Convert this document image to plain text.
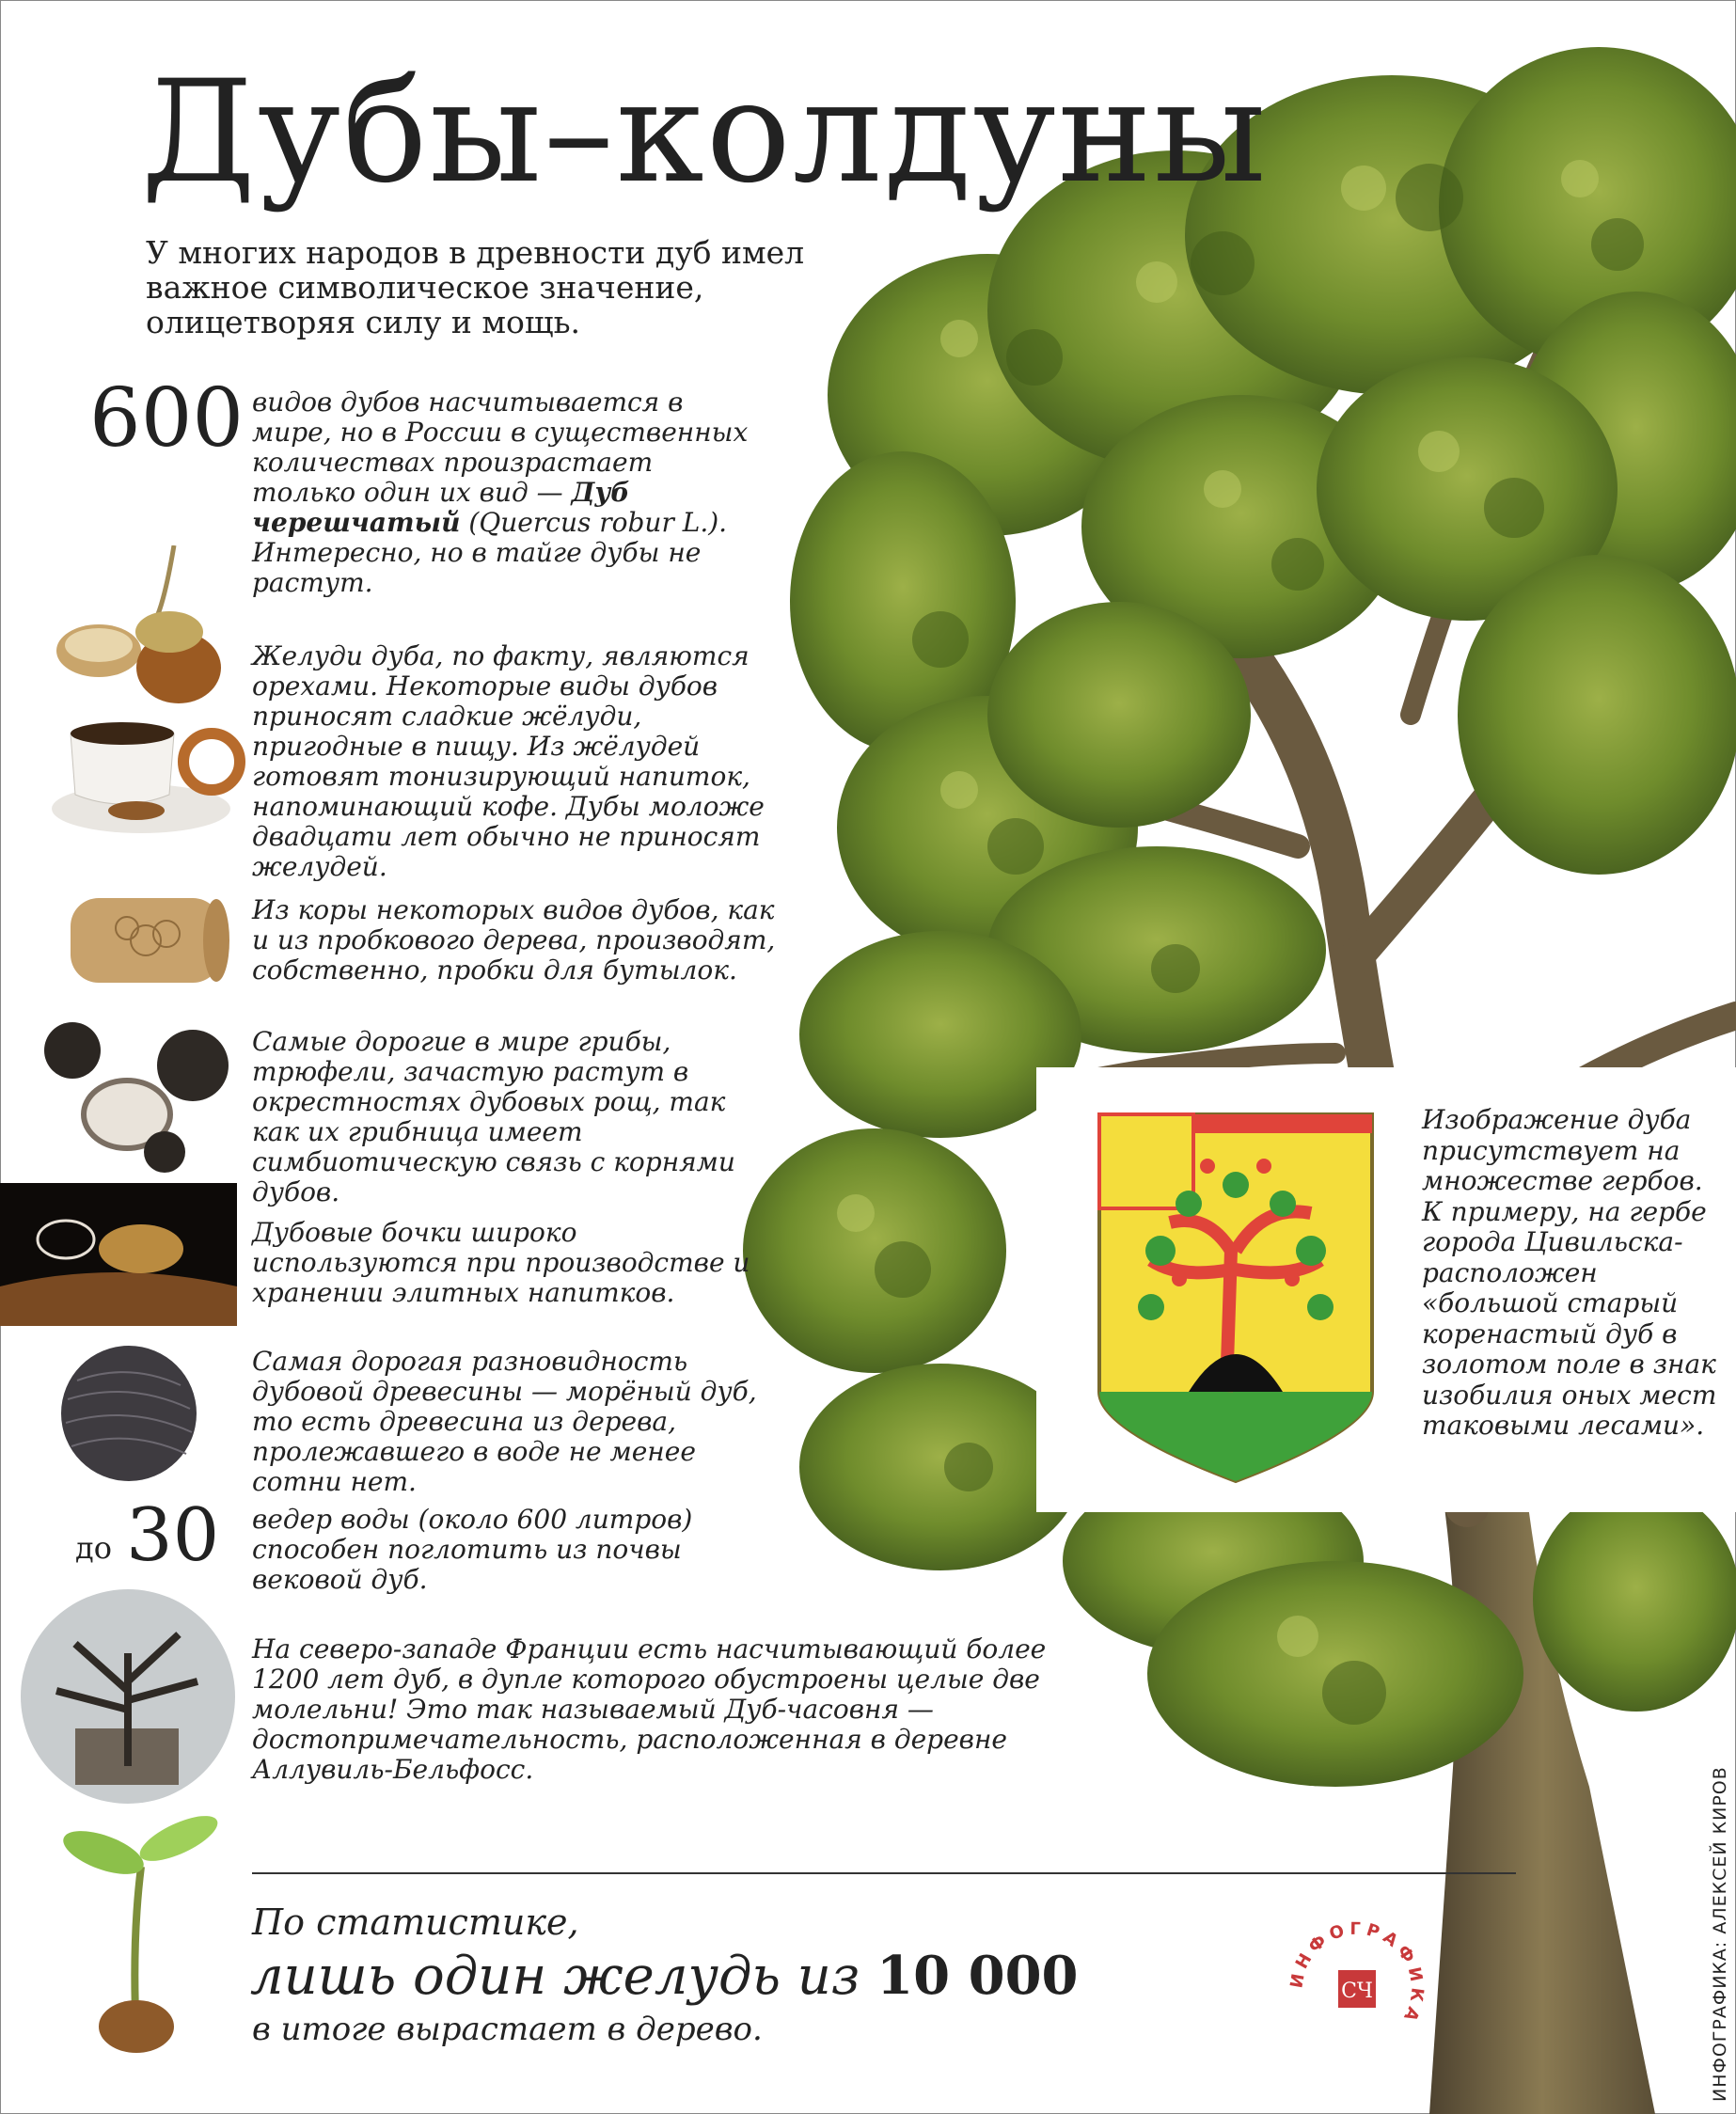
Дубы–колдуны
У многих народов в древности дуб имел важное символическое значение, олицетворяя силу и мощь.
600 видов дубов насчитывается в мире, но в России в существенных количествах произрастает только один их вид — Дуб черешчатый (Quercus robur L.). Интересно, но в тайге дубы не растут.
Желуди дуба, по факту, являются орехами. Некоторые виды дубов приносят сладкие жёлуди, пригодные в пищу. Из жёлудей готовят тонизирующий напиток, напоминающий кофе. Дубы моложе двадцати лет обычно не приносят желудей.
Из коры некоторых видов дубов, как и из пробкового дерева, производят, собственно, пробки для бутылок.
Самые дорогие в мире грибы, трюфели, зачастую растут в окрестностях дубовых рощ, так как их грибница имеет симбиотическую связь с корнями дубов.
Дубовые бочки широко используются при производстве и хранении элитных напитков.
Самая дорогая разновидность дубовой древесины — морёный дуб, то есть древесина из дерева, пролежавшего в воде не менее сотни нет.
до 30 ведер воды (около 600 литров) способен поглотить из почвы вековой дуб.
На северо-западе Франции есть насчитывающий более 1200 лет дуб, в дупле которого обустроены целые две молельни! Это так называемый Дуб-часовня — достопримечательность, расположенная в деревне Аллувиль-Бельфосс.
Изображение дуба присутствует на множестве гербов. К примеру, на гербе города Цивильска расположен «большой старый коренастый дуб в золотом поле в знак изобилия оных мест таковыми лесами».
По статистике,
лишь один желудь из 10 000
в итоге вырастает в дерево.
ИНФОГРАФИКА
СЧ	ИНФОГРАФИКА: АЛЕКСЕЙ КИРОВ
